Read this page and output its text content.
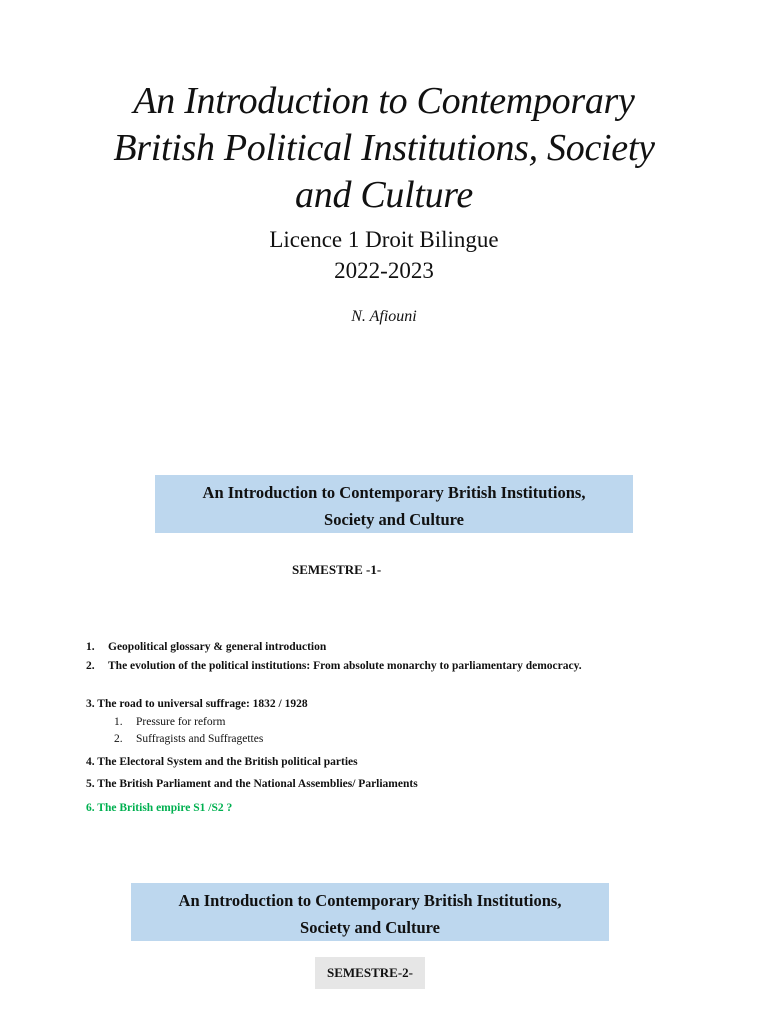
An Introduction to Contemporary
British Political Institutions, Society
and Culture
Licence 1 Droit Bilingue
2022-2023
N. Afiouni
An Introduction to Contemporary British Institutions,
Society and Culture
SEMESTRE -1-
1. Geopolitical glossary & general introduction
2. The evolution of the political institutions: From absolute monarchy to parliamentary democracy.
3. The road to universal suffrage: 1832 / 1928
1. Pressure for reform
2. Suffragists and Suffragettes
4. The Electoral System and the British political parties
5. The British Parliament and the National Assemblies/ Parliaments
6. The British empire S1 /S2 ?
An Introduction to Contemporary British Institutions,
Society and Culture
SEMESTRE-2-
